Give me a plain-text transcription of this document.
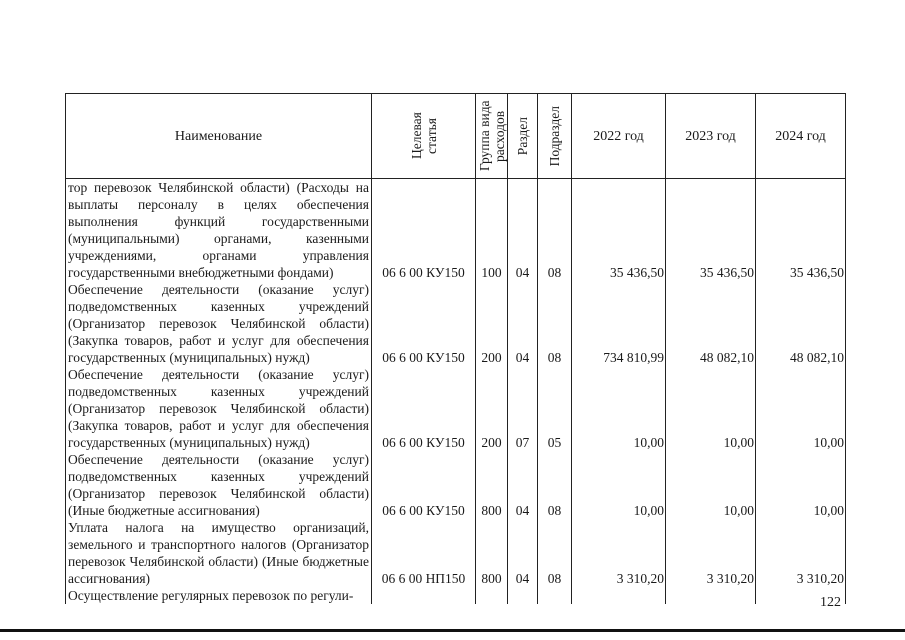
Наименование	Целевая статья	Группа вида расходов	Раздел	Подраздел	2022 год	2023 год	2024 год
тор перевозок Челябинской области) (Расходы на выплаты персоналу в целях обеспечения выполнения функций государственными (муниципальными) органами, казенными учреждениями, органами управления государственными внебюджетными фондами)	06 6 00 КУ150	100	04	08	35 436,50	35 436,50	35 436,50
Обеспечение деятельности (оказание услуг) подведомственных казенных учреждений (Организатор перевозок Челябинской области) (Закупка товаров, работ и услуг для обеспечения государственных (муниципальных) нужд)	06 6 00 КУ150	200	04	08	734 810,99	48 082,10	48 082,10
Обеспечение деятельности (оказание услуг) подведомственных казенных учреждений (Организатор перевозок Челябинской области) (Закупка товаров, работ и услуг для обеспечения государственных (муниципальных) нужд)	06 6 00 КУ150	200	07	05	10,00	10,00	10,00
Обеспечение деятельности (оказание услуг) подведомственных казенных учреждений (Организатор перевозок Челябинской области) (Иные бюджетные ассигнования)	06 6 00 КУ150	800	04	08	10,00	10,00	10,00
Уплата налога на имущество организаций, земельного и транспортного налогов (Организатор перевозок Челябинской области) (Иные бюджетные ассигнования)	06 6 00 НП150	800	04	08	3 310,20	3 310,20	3 310,20
Осуществление регулярных перевозок по регули-								122
